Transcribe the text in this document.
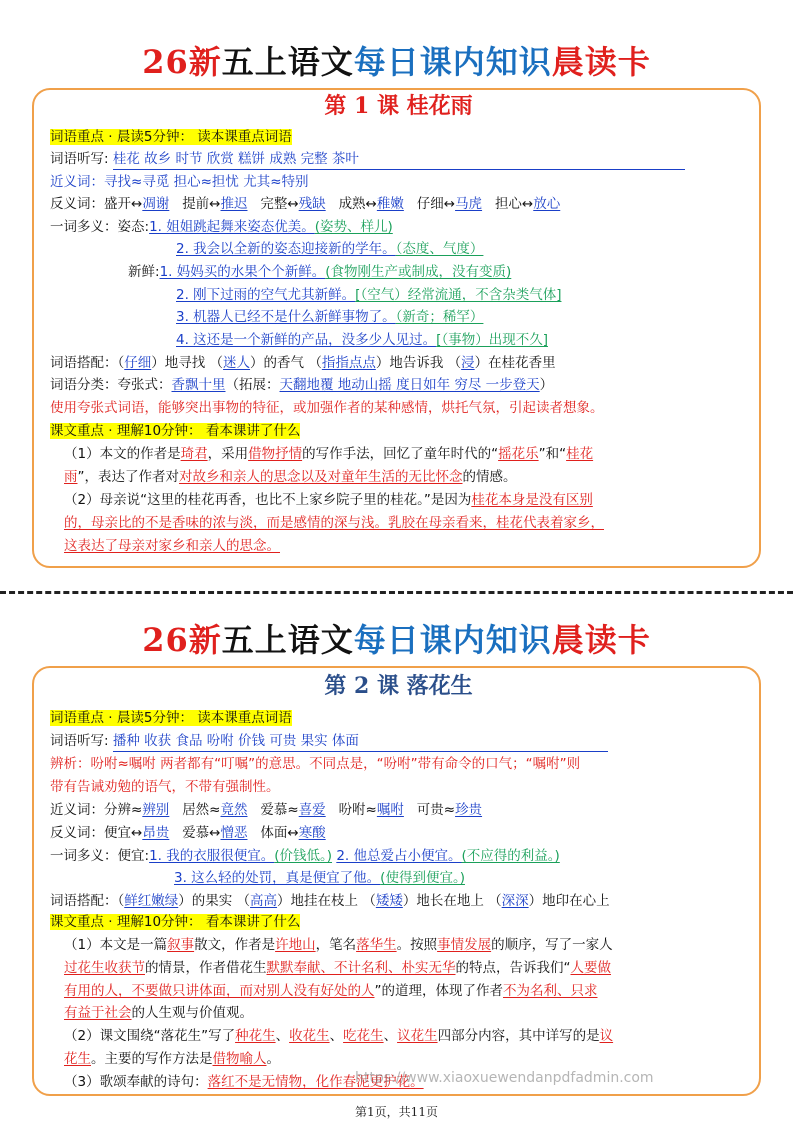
26新五上语文每日课内知识晨读卡
第 1 课 桂花雨
词语重点 · 晨读5分钟： 读本课重点词语
词语听写: 桂花 故乡 时节 欣赏 糕饼 成熟 完整 茶叶
近义词：寻找≈寻觅 担心≈担忧 尤其≈特别
反义词：盛开↔凋谢 提前↔推迟 完整↔残缺 成熟↔稚嫩 仔细↔马虎 担心↔放心
一词多义：姿态:1. 姐姐跳起舞来姿态优美。(姿势、样儿)
2. 我会以全新的姿态迎接新的学年。（态度、气度）
新鲜:1. 妈妈买的水果个个新鲜。(食物刚生产或制成，没有变质)
2. 刚下过雨的空气尤其新鲜。[（空气）经常流通，不含杂类气体]
3. 机器人已经不是什么新鲜事物了。（新奇；稀罕）
4. 这还是一个新鲜的产品，没多少人见过。[（事物）出现不久]
词语搭配：（仔细）地寻找 （迷人）的香气 （指指点点）地告诉我 （浸）在桂花香里
词语分类：夸张式：香飘十里（拓展：天翻地覆 地动山摇 度日如年 穷尽 一步登天）
使用夸张式词语，能够突出事物的特征，或加强作者的某种感情，烘托气氛，引起读者想象。
课文重点 · 理解10分钟： 看本课讲了什么
（1）本文的作者是琦君，采用借物抒情的写作手法，回忆了童年时代的“摇花乐”和“桂花
雨”，表达了作者对对故乡和亲人的思念以及对童年生活的无比怀念的情感。
（2）母亲说“这里的桂花再香，也比不上家乡院子里的桂花。”是因为桂花本身是没有区别
的，母亲比的不是香味的浓与淡，而是感情的深与浅。乳胶在母亲看来，桂花代表着家乡，
这表达了母亲对家乡和亲人的思念。
26新五上语文每日课内知识晨读卡
第 2 课 落花生
词语重点 · 晨读5分钟： 读本课重点词语
词语听写: 播种 收获 食品 吩咐 价钱 可贵 果实 体面
辨析：吩咐≈嘱咐 两者都有“叮嘱”的意思。不同点是，“吩咐”带有命令的口气；“嘱咐”则
带有告诫劝勉的语气，不带有强制性。
近义词：分辨≈辨别 居然≈竟然 爱慕≈喜爱 吩咐≈嘱咐 可贵≈珍贵
反义词：便宜↔昂贵 爱慕↔憎恶 体面↔寒酸
一词多义：便宜:1. 我的衣服很便宜。(价钱低。) 2. 他总爱占小便宜。(不应得的利益。)
3. 这么轻的处罚，真是便宜了他。(使得到便宜。)
词语搭配：（鲜红嫩绿）的果实 （高高）地挂在枝上 （矮矮）地长在地上 （深深）地印在心上
课文重点 · 理解10分钟： 看本课讲了什么
（1）本文是一篇叙事散文，作者是许地山，笔名落华生。按照事情发展的顺序，写了一家人
过花生收获节的情景，作者借花生默默奉献、不计名利、朴实无华的特点，告诉我们“人要做
有用的人，不要做只讲体面，而对别人没有好处的人”的道理，体现了作者不为名利、只求
有益于社会的人生观与价值观。
（2）课文围绕“落花生”写了种花生、收花生、吃花生、议花生四部分内容，其中详写的是议
花生。主要的写作方法是借物喻人。
（3）歌颂奉献的诗句：落红不是无情物，化作春泥更护花。
https://www.xiaoxuewendanpdfadmin.com
第1页，共11页
